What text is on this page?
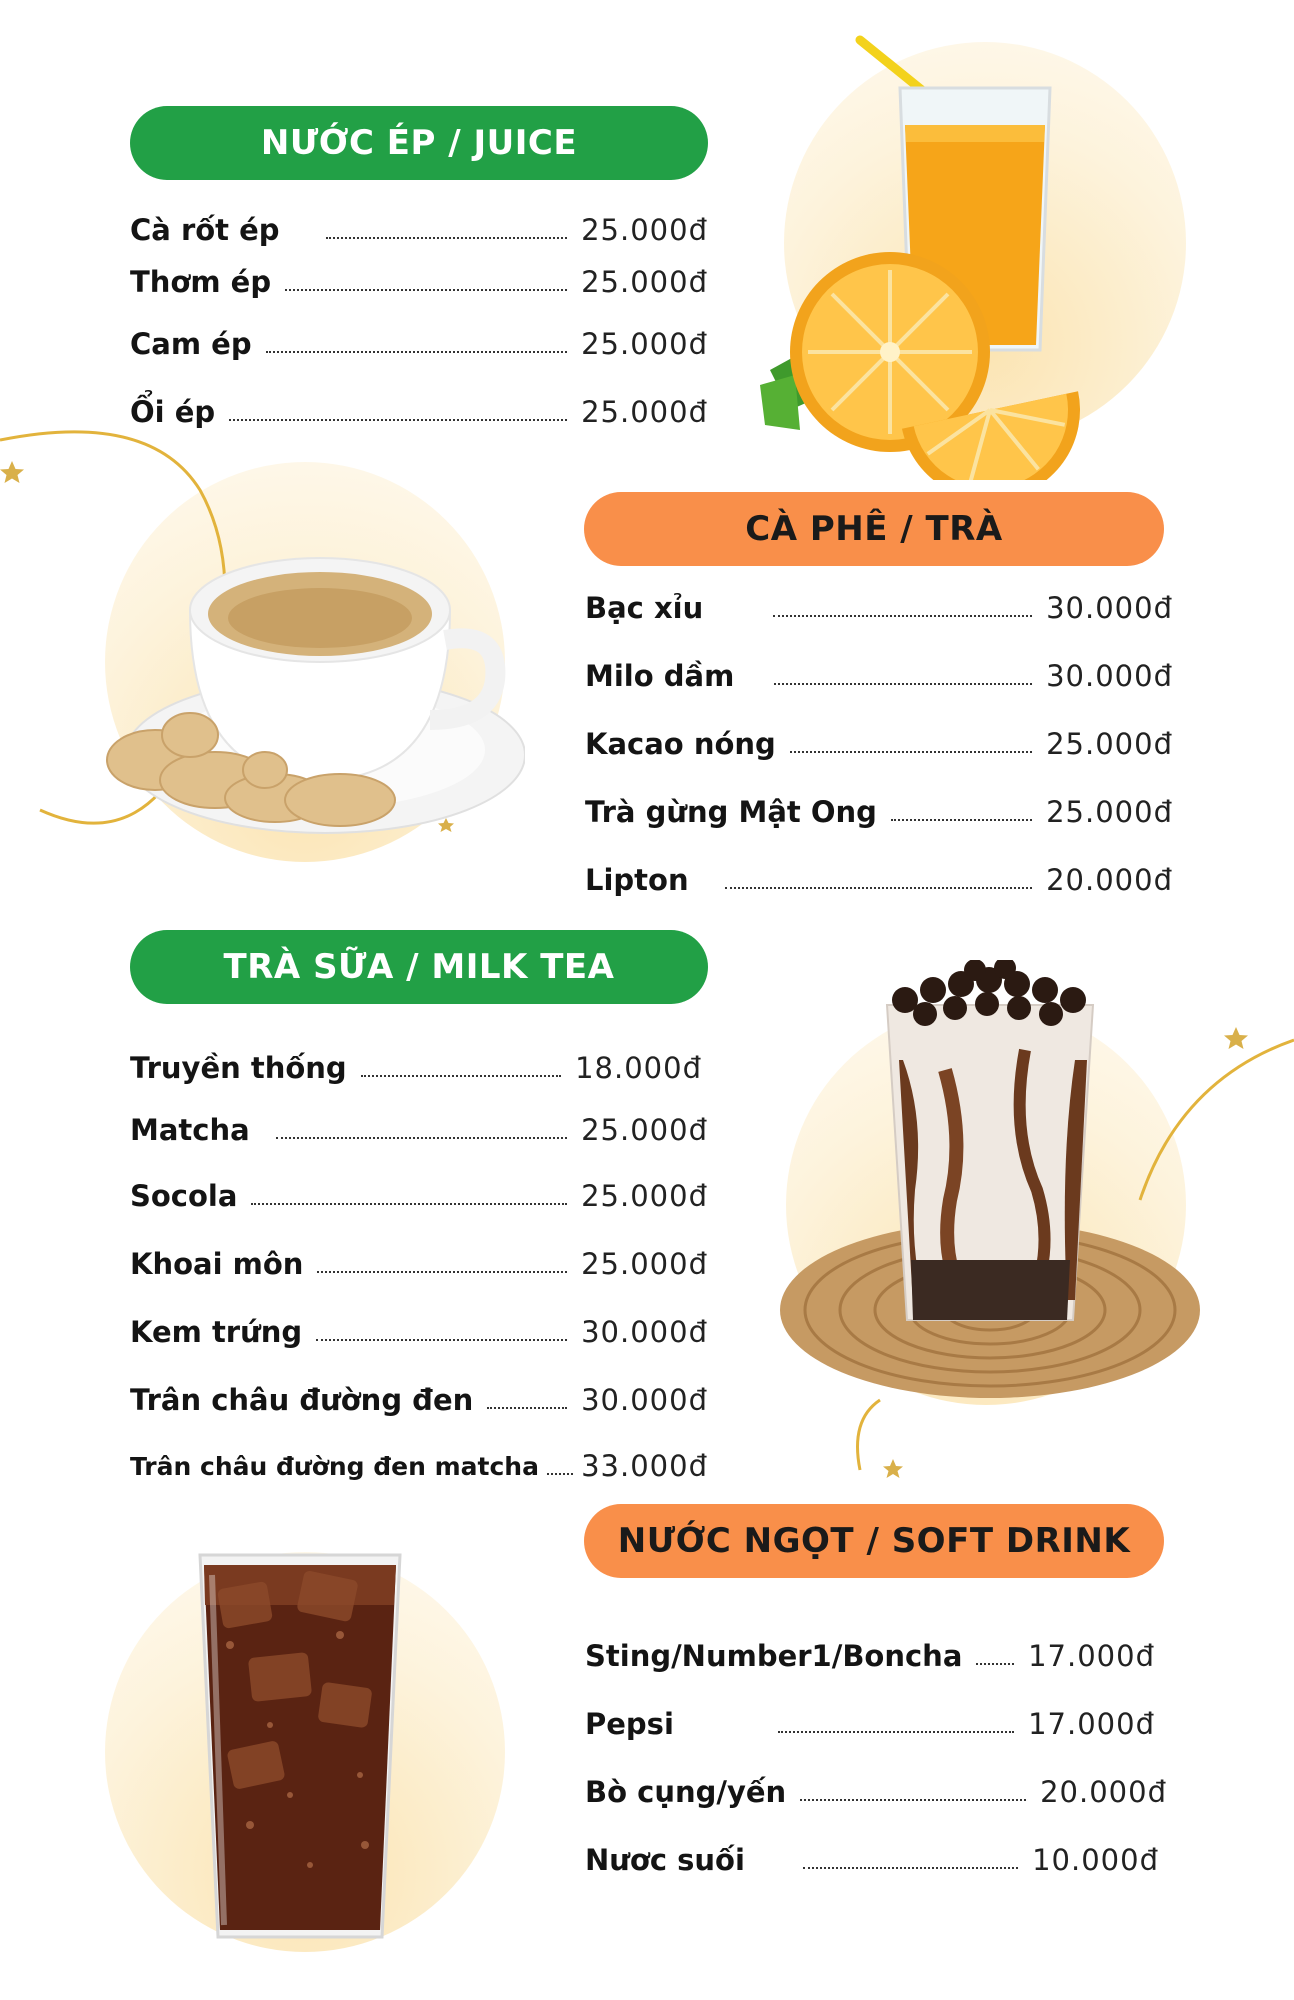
NƯỚC ÉP / JUICE
Cà rốt ép	25.000đ
Thơm ép	25.000đ
Cam ép	25.000đ
Ổi ép	25.000đ
CÀ PHÊ / TRÀ
Bạc xỉu	30.000đ
Milo dầm	30.000đ
Kacao nóng	25.000đ
Trà gừng Mật Ong	25.000đ
Lipton	20.000đ
TRÀ SỮA / MILK TEA
Truyền thống	18.000đ
Matcha	25.000đ
Socola	25.000đ
Khoai môn	25.000đ
Kem trứng	30.000đ
Trân châu đường đen	30.000đ
Trân châu đường đen matcha 33.000đ
NƯỚC NGỌT / SOFT DRINK
Sting/Number1/Boncha 17.000đ
Pepsi	17.000đ
Bò cụng/yến	20.000đ
Nươc suối	10.000đ
